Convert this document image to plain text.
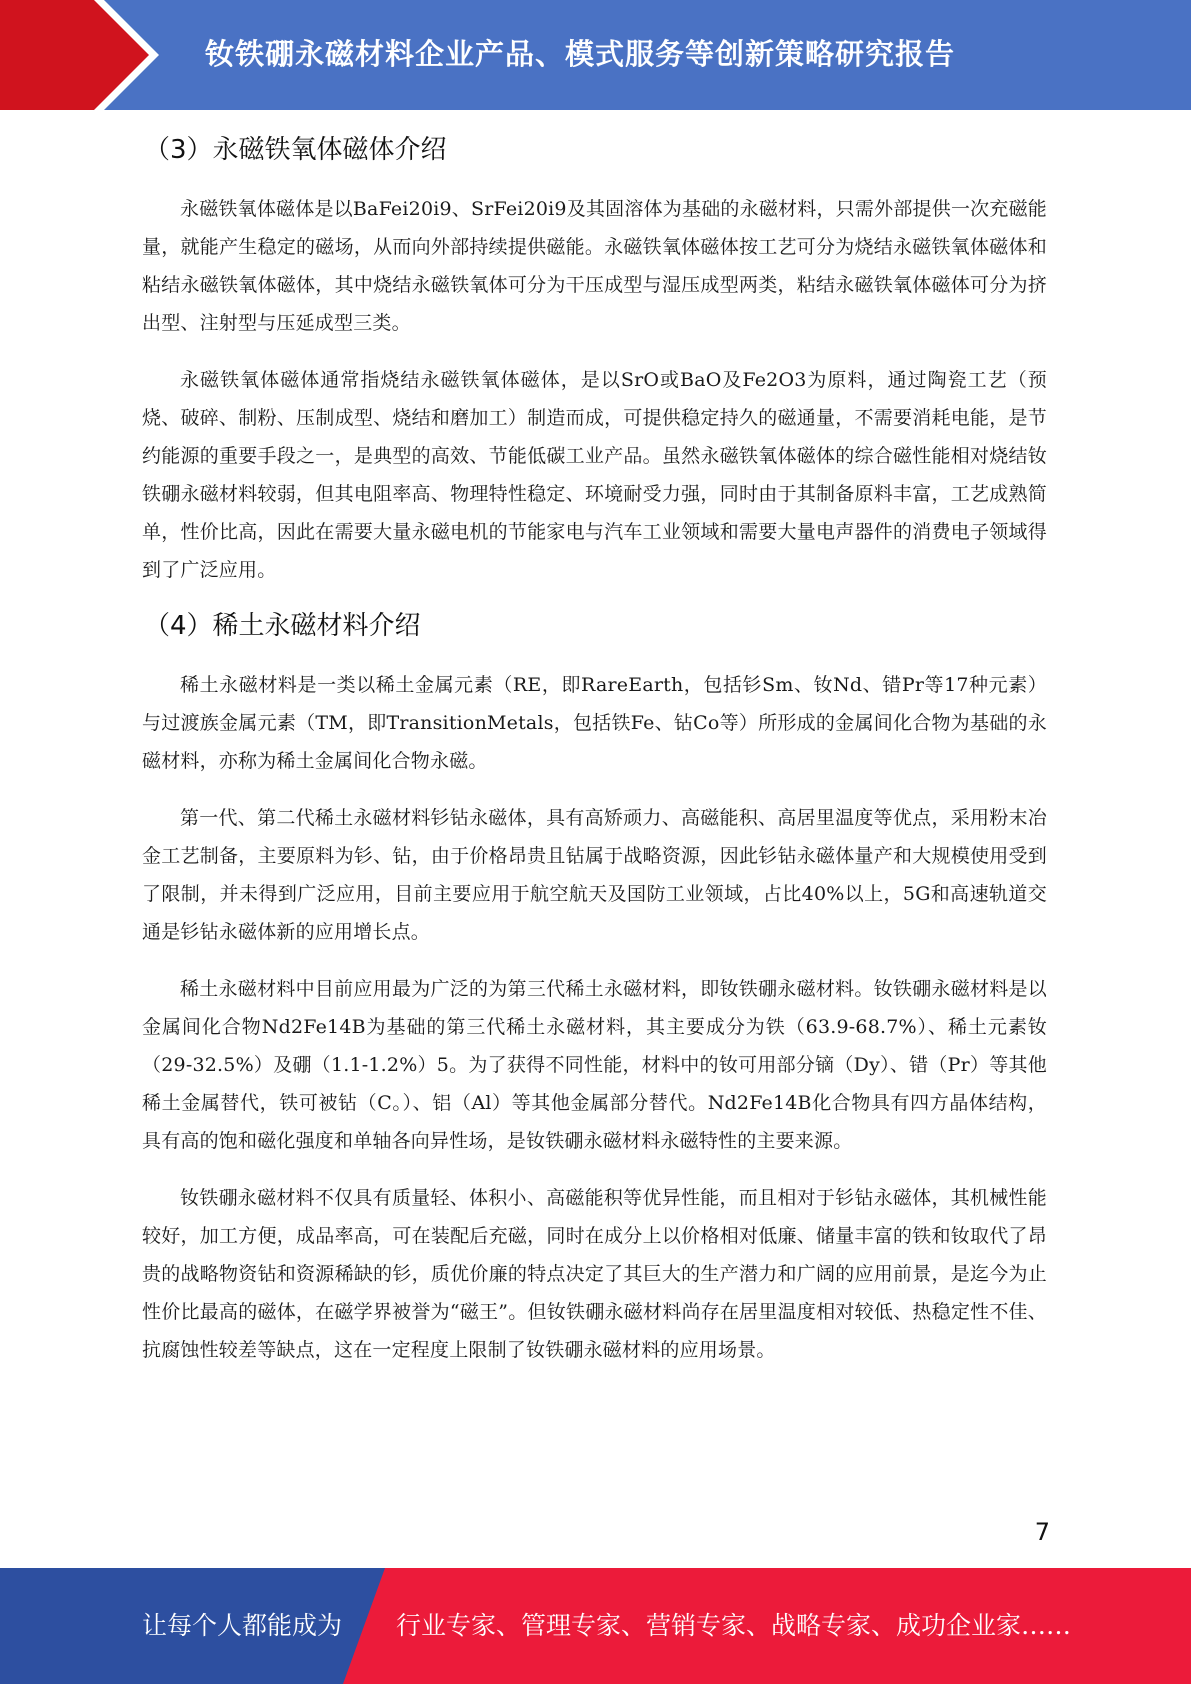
钕铁硼永磁材料企业产品、模式服务等创新策略研究报告
（3）永磁铁氧体磁体介绍

永磁铁氧体磁体是以BaFei20i9、SrFei20i9及其固溶体为基础的永磁材料，只需外部提供一次充磁能量，就能产生稳定的磁场，从而向外部持续提供磁能。永磁铁氧体磁体按工艺可分为烧结永磁铁氧体磁体和粘结永磁铁氧体磁体，其中烧结永磁铁氧体可分为干压成型与湿压成型两类，粘结永磁铁氧体磁体可分为挤出型、注射型与压延成型三类。

永磁铁氧体磁体通常指烧结永磁铁氧体磁体，是以SrO或BaO及Fe2O3为原料，通过陶瓷工艺（预烧、破碎、制粉、压制成型、烧结和磨加工）制造而成，可提供稳定持久的磁通量，不需要消耗电能，是节约能源的重要手段之一，是典型的高效、节能低碳工业产品。虽然永磁铁氧体磁体的综合磁性能相对烧结钕铁硼永磁材料较弱，但其电阻率高、物理特性稳定、环境耐受力强，同时由于其制备原料丰富，工艺成熟简单，性价比高，因此在需要大量永磁电机的节能家电与汽车工业领域和需要大量电声器件的消费电子领域得到了广泛应用。

（4）稀土永磁材料介绍

稀土永磁材料是一类以稀土金属元素（RE，即RareEarth，包括钐Sm、钕Nd、错Pr等17种元素）与过渡族金属元素（TM，即TransitionMetals，包括铁Fe、钻Co等）所形成的金属间化合物为基础的永磁材料，亦称为稀土金属间化合物永磁。

第一代、第二代稀土永磁材料钐钻永磁体，具有高矫顽力、高磁能积、高居里温度等优点，采用粉末冶金工艺制备，主要原料为钐、钻，由于价格昂贵且钻属于战略资源，因此钐钻永磁体量产和大规模使用受到了限制，并未得到广泛应用，目前主要应用于航空航天及国防工业领域，占比40%以上，5G和高速轨道交通是钐钻永磁体新的应用增长点。

稀土永磁材料中目前应用最为广泛的为第三代稀土永磁材料，即钕铁硼永磁材料。钕铁硼永磁材料是以金属间化合物Nd2Fe14B为基础的第三代稀土永磁材料，其主要成分为铁（63.9-68.7%）、稀土元素钕（29-32.5%）及硼（1.1-1.2%）5。为了获得不同性能，材料中的钕可用部分镝（Dy）、错（Pr）等其他稀土金属替代，铁可被钻（C。）、铝（Al）等其他金属部分替代。Nd2Fe14B化合物具有四方晶体结构，具有高的饱和磁化强度和单轴各向异性场，是钕铁硼永磁材料永磁特性的主要来源。

钕铁硼永磁材料不仅具有质量轻、体积小、高磁能积等优异性能，而且相对于钐钻永磁体，其机械性能较好，加工方便，成品率高，可在装配后充磁，同时在成分上以价格相对低廉、储量丰富的铁和钕取代了昂贵的战略物资钻和资源稀缺的钐，质优价廉的特点决定了其巨大的生产潜力和广阔的应用前景，是迄今为止性价比最高的磁体，在磁学界被誉为“磁王”。但钕铁硼永磁材料尚存在居里温度相对较低、热稳定性不佳、抗腐蚀性较差等缺点，这在一定程度上限制了钕铁硼永磁材料的应用场景。

7
让每个人都能成为 行业专家、管理专家、营销专家、战略专家、成功企业家……
